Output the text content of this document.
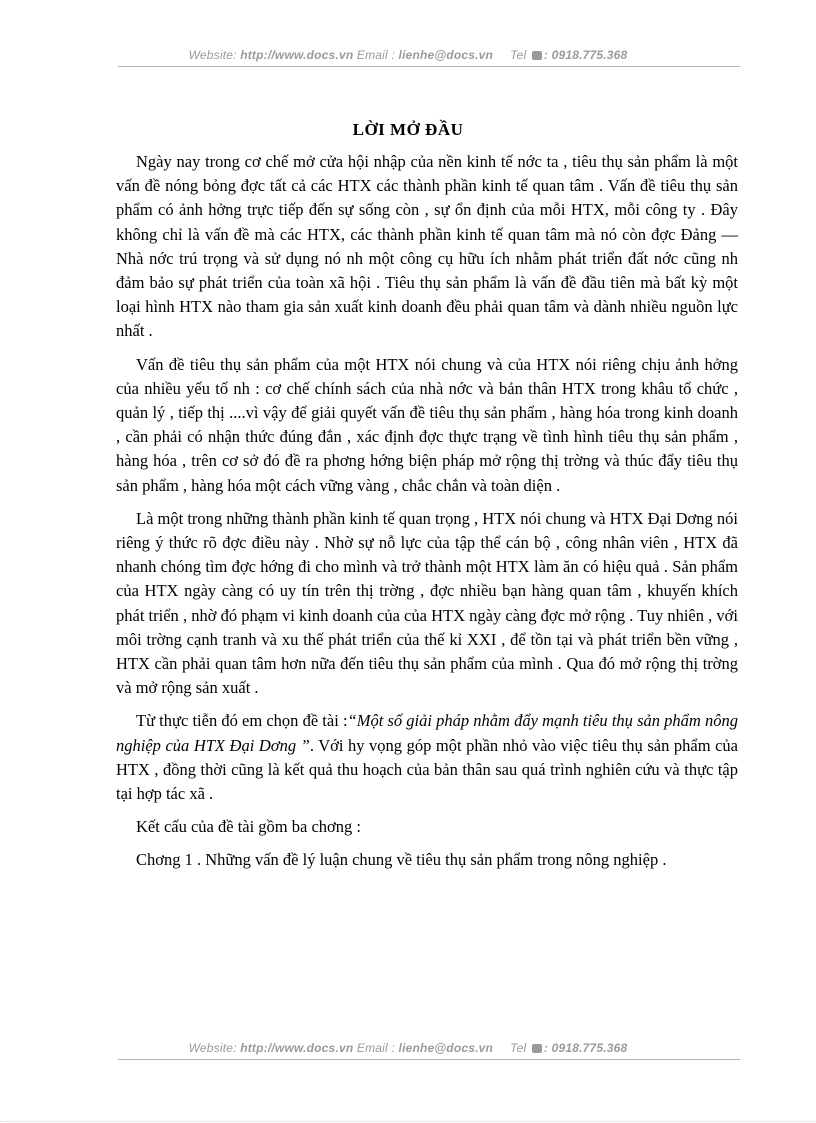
Website: http://www.docs.vn Email : lienhe@docs.vn Tel : 0918.775.368
LỜI MỞ ĐẦU

Ngày nay trong cơ chế mở cửa hội nhập của nền kinh tế nớc ta , tiêu thụ sản phẩm là một vấn đề nóng bỏng đợc tất cả các HTX các thành phần kinh tế quan tâm . Vấn đề tiêu thụ sản phẩm có ảnh hởng trực tiếp đến sự sống còn , sự ổn định của mỗi HTX, mỗi công ty . Đây không chỉ là vấn đề mà các HTX, các thành phần kinh tế quan tâm mà nó còn đợc Đảng — Nhà nớc trú trọng và sử dụng nó nh một công cụ hữu ích nhằm phát triển đất nớc cũng nh đảm bảo sự phát triển của toàn xã hội . Tiêu thụ sản phẩm là vấn đề đầu tiên mà bất kỳ một loại hình HTX nào tham gia sản xuất kinh doanh đều phải quan tâm và dành nhiều nguồn lực nhất .

Vấn đề tiêu thụ sản phẩm của một HTX nói chung và của HTX nói riêng chịu ảnh hởng của nhiều yếu tố nh : cơ chế chính sách của nhà nớc và bản thân HTX trong khâu tổ chức , quản lý , tiếp thị ....vì vậy để giải quyết vấn đề tiêu thụ sản phẩm , hàng hóa trong kinh doanh , cần phải có nhận thức đúng đắn , xác định đợc thực trạng về tình hình tiêu thụ sản phẩm , hàng hóa , trên cơ sở đó đề ra phơng hớng biện pháp mở rộng thị trờng và thúc đẩy tiêu thụ sản phẩm , hàng hóa một cách vững vàng , chắc chắn và toàn diện .

Là một trong những thành phần kinh tế quan trọng , HTX nói chung và HTX Đại Dơng nói riêng ý thức rõ đợc điều này . Nhờ sự nỗ lực của tập thể cán bộ , công nhân viên , HTX đã nhanh chóng tìm đợc hớng đi cho mình và trở thành một HTX làm ăn có hiệu quả . Sản phẩm của HTX ngày càng có uy tín trên thị trờng , đợc nhiều bạn hàng quan tâm , khuyến khích phát triển , nhờ đó phạm vi kinh doanh của của HTX ngày càng đợc mở rộng . Tuy nhiên , với môi trờng cạnh tranh và xu thế phát triển của thế kỉ XXI , để tồn tại và phát triển bền vững , HTX cần phải quan tâm hơn nữa đến tiêu thụ sản phẩm của mình . Qua đó mở rộng thị trờng và mở rộng sản xuất .

Từ thực tiễn đó em chọn đề tài :“Một số giải pháp nhằm đẩy mạnh tiêu thụ sản phẩm nông nghiệp của HTX Đại Dơng ”. Với hy vọng góp một phần nhỏ vào việc tiêu thụ sản phẩm của HTX , đồng thời cũng là kết quả thu hoạch của bản thân sau quá trình nghiên cứu và thực tập tại hợp tác xã .

Kết cấu của đề tài gồm ba chơng :

Chơng 1 . Những vấn đề lý luận chung về tiêu thụ sản phẩm trong nông nghiệp .

Website: http://www.docs.vn Email : lienhe@docs.vn Tel : 0918.775.368
